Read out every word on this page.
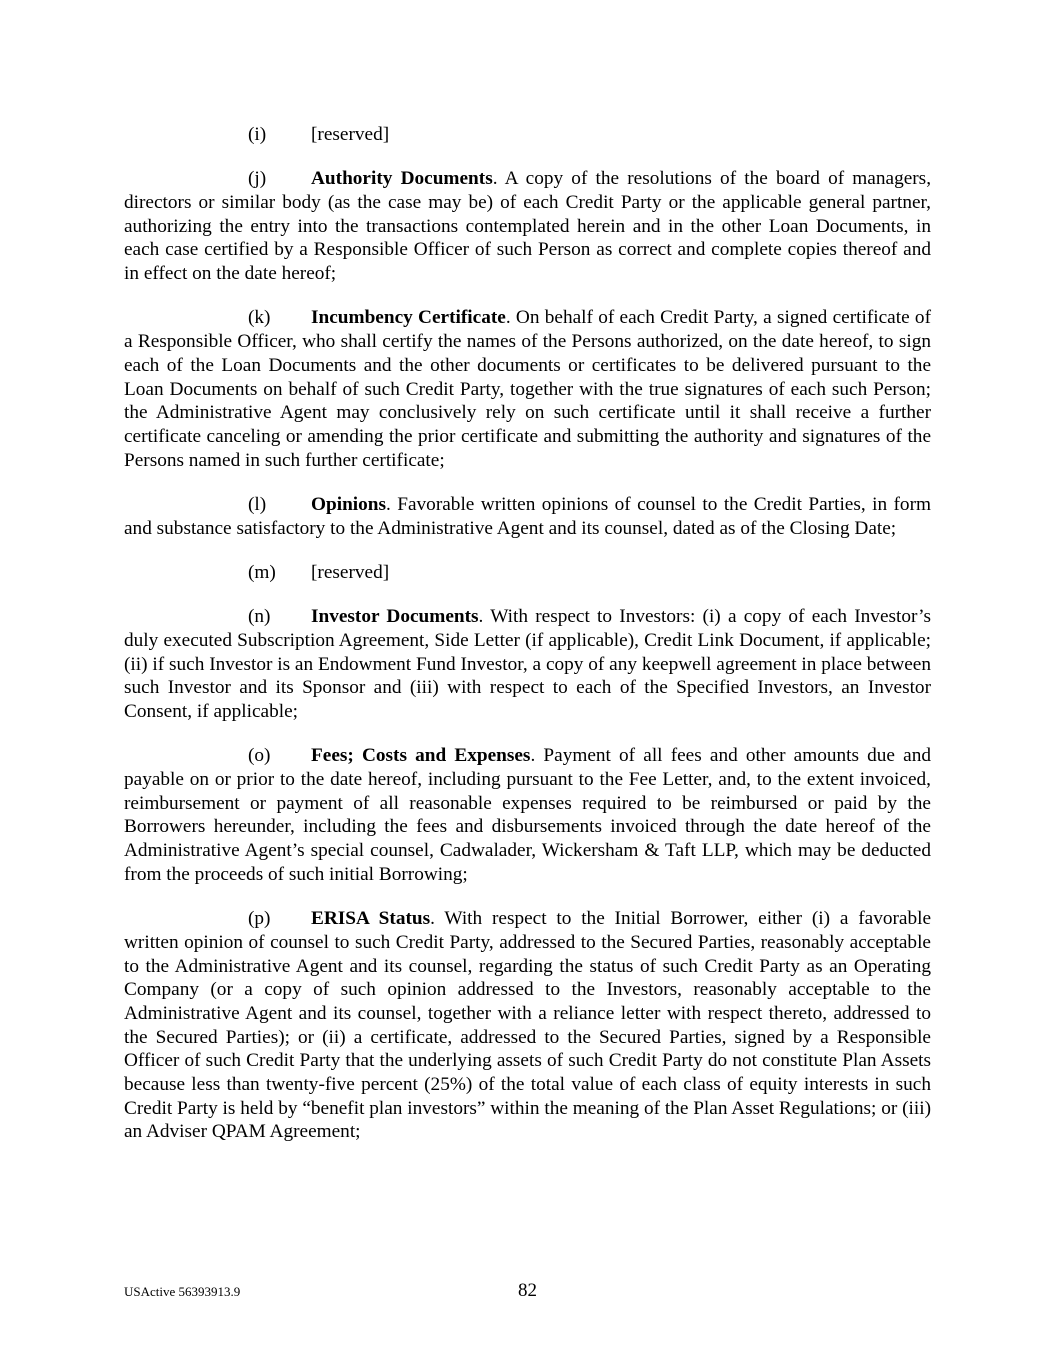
(i) [reserved]

(j) Authority Documents. A copy of the resolutions of the board of managers, directors or similar body (as the case may be) of each Credit Party or the applicable general partner, authorizing the entry into the transactions contemplated herein and in the other Loan Documents, in each case certified by a Responsible Officer of such Person as correct and complete copies thereof and in effect on the date hereof;

(k) Incumbency Certificate. On behalf of each Credit Party, a signed certificate of a Responsible Officer, who shall certify the names of the Persons authorized, on the date hereof, to sign each of the Loan Documents and the other documents or certificates to be delivered pursuant to the Loan Documents on behalf of such Credit Party, together with the true signatures of each such Person; the Administrative Agent may conclusively rely on such certificate until it shall receive a further certificate canceling or amending the prior certificate and submitting the authority and signatures of the Persons named in such further certificate;

(l) Opinions. Favorable written opinions of counsel to the Credit Parties, in form and substance satisfactory to the Administrative Agent and its counsel, dated as of the Closing Date;

(m) [reserved]

(n) Investor Documents. With respect to Investors: (i) a copy of each Investor’s duly executed Subscription Agreement, Side Letter (if applicable), Credit Link Document, if applicable; (ii) if such Investor is an Endowment Fund Investor, a copy of any keepwell agreement in place between such Investor and its Sponsor and (iii) with respect to each of the Specified Investors, an Investor Consent, if applicable;

(o) Fees; Costs and Expenses. Payment of all fees and other amounts due and payable on or prior to the date hereof, including pursuant to the Fee Letter, and, to the extent invoiced, reimbursement or payment of all reasonable expenses required to be reimbursed or paid by the Borrowers hereunder, including the fees and disbursements invoiced through the date hereof of the Administrative Agent’s special counsel, Cadwalader, Wickersham & Taft LLP, which may be deducted from the proceeds of such initial Borrowing;

(p) ERISA Status. With respect to the Initial Borrower, either (i) a favorable written opinion of counsel to such Credit Party, addressed to the Secured Parties, reasonably acceptable to the Administrative Agent and its counsel, regarding the status of such Credit Party as an Operating Company (or a copy of such opinion addressed to the Investors, reasonably acceptable to the Administrative Agent and its counsel, together with a reliance letter with respect thereto, addressed to the Secured Parties); or (ii) a certificate, addressed to the Secured Parties, signed by a Responsible Officer of such Credit Party that the underlying assets of such Credit Party do not constitute Plan Assets because less than twenty-five percent (25%) of the total value of each class of equity interests in such Credit Party is held by “benefit plan investors” within the meaning of the Plan Asset Regulations; or (iii) an Adviser QPAM Agreement;

USActive 56393913.9	82
